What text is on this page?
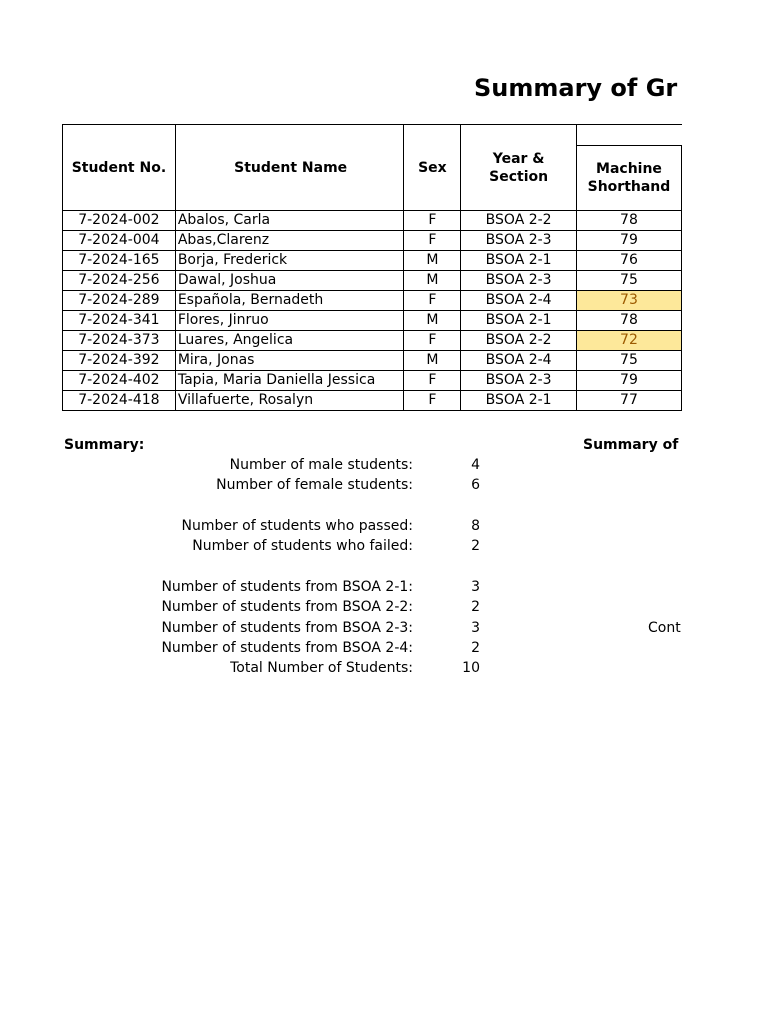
Summary of Gr
Student No.	Student Name	Sex	Year & Section	
				Machine Shorthand
7-2024-002	Abalos, Carla	F	BSOA 2-2	78
7-2024-004	Abas,Clarenz	F	BSOA 2-3	79
7-2024-165	Borja, Frederick	M	BSOA 2-1	76
7-2024-256	Dawal, Joshua	M	BSOA 2-3	75
7-2024-289	Española, Bernadeth	F	BSOA 2-4	73
7-2024-341	Flores, Jinruo	M	BSOA 2-1	78
7-2024-373	Luares, Angelica	F	BSOA 2-2	72
7-2024-392	Mira, Jonas	M	BSOA 2-4	75
7-2024-402	Tapia, Maria Daniella Jessica	F	BSOA 2-3	79
7-2024-418	Villafuerte, Rosalyn	F	BSOA 2-1	77
Summary:	Summary of
Number of male students:	4
Number of female students:	6
Number of students who passed:	8
Number of students who failed:	2
Number of students from BSOA 2-1:	3
Number of students from BSOA 2-2:	2
Number of students from BSOA 2-3:	3
Number of students from BSOA 2-4:	2
Total Number of Students:	10
Cont
